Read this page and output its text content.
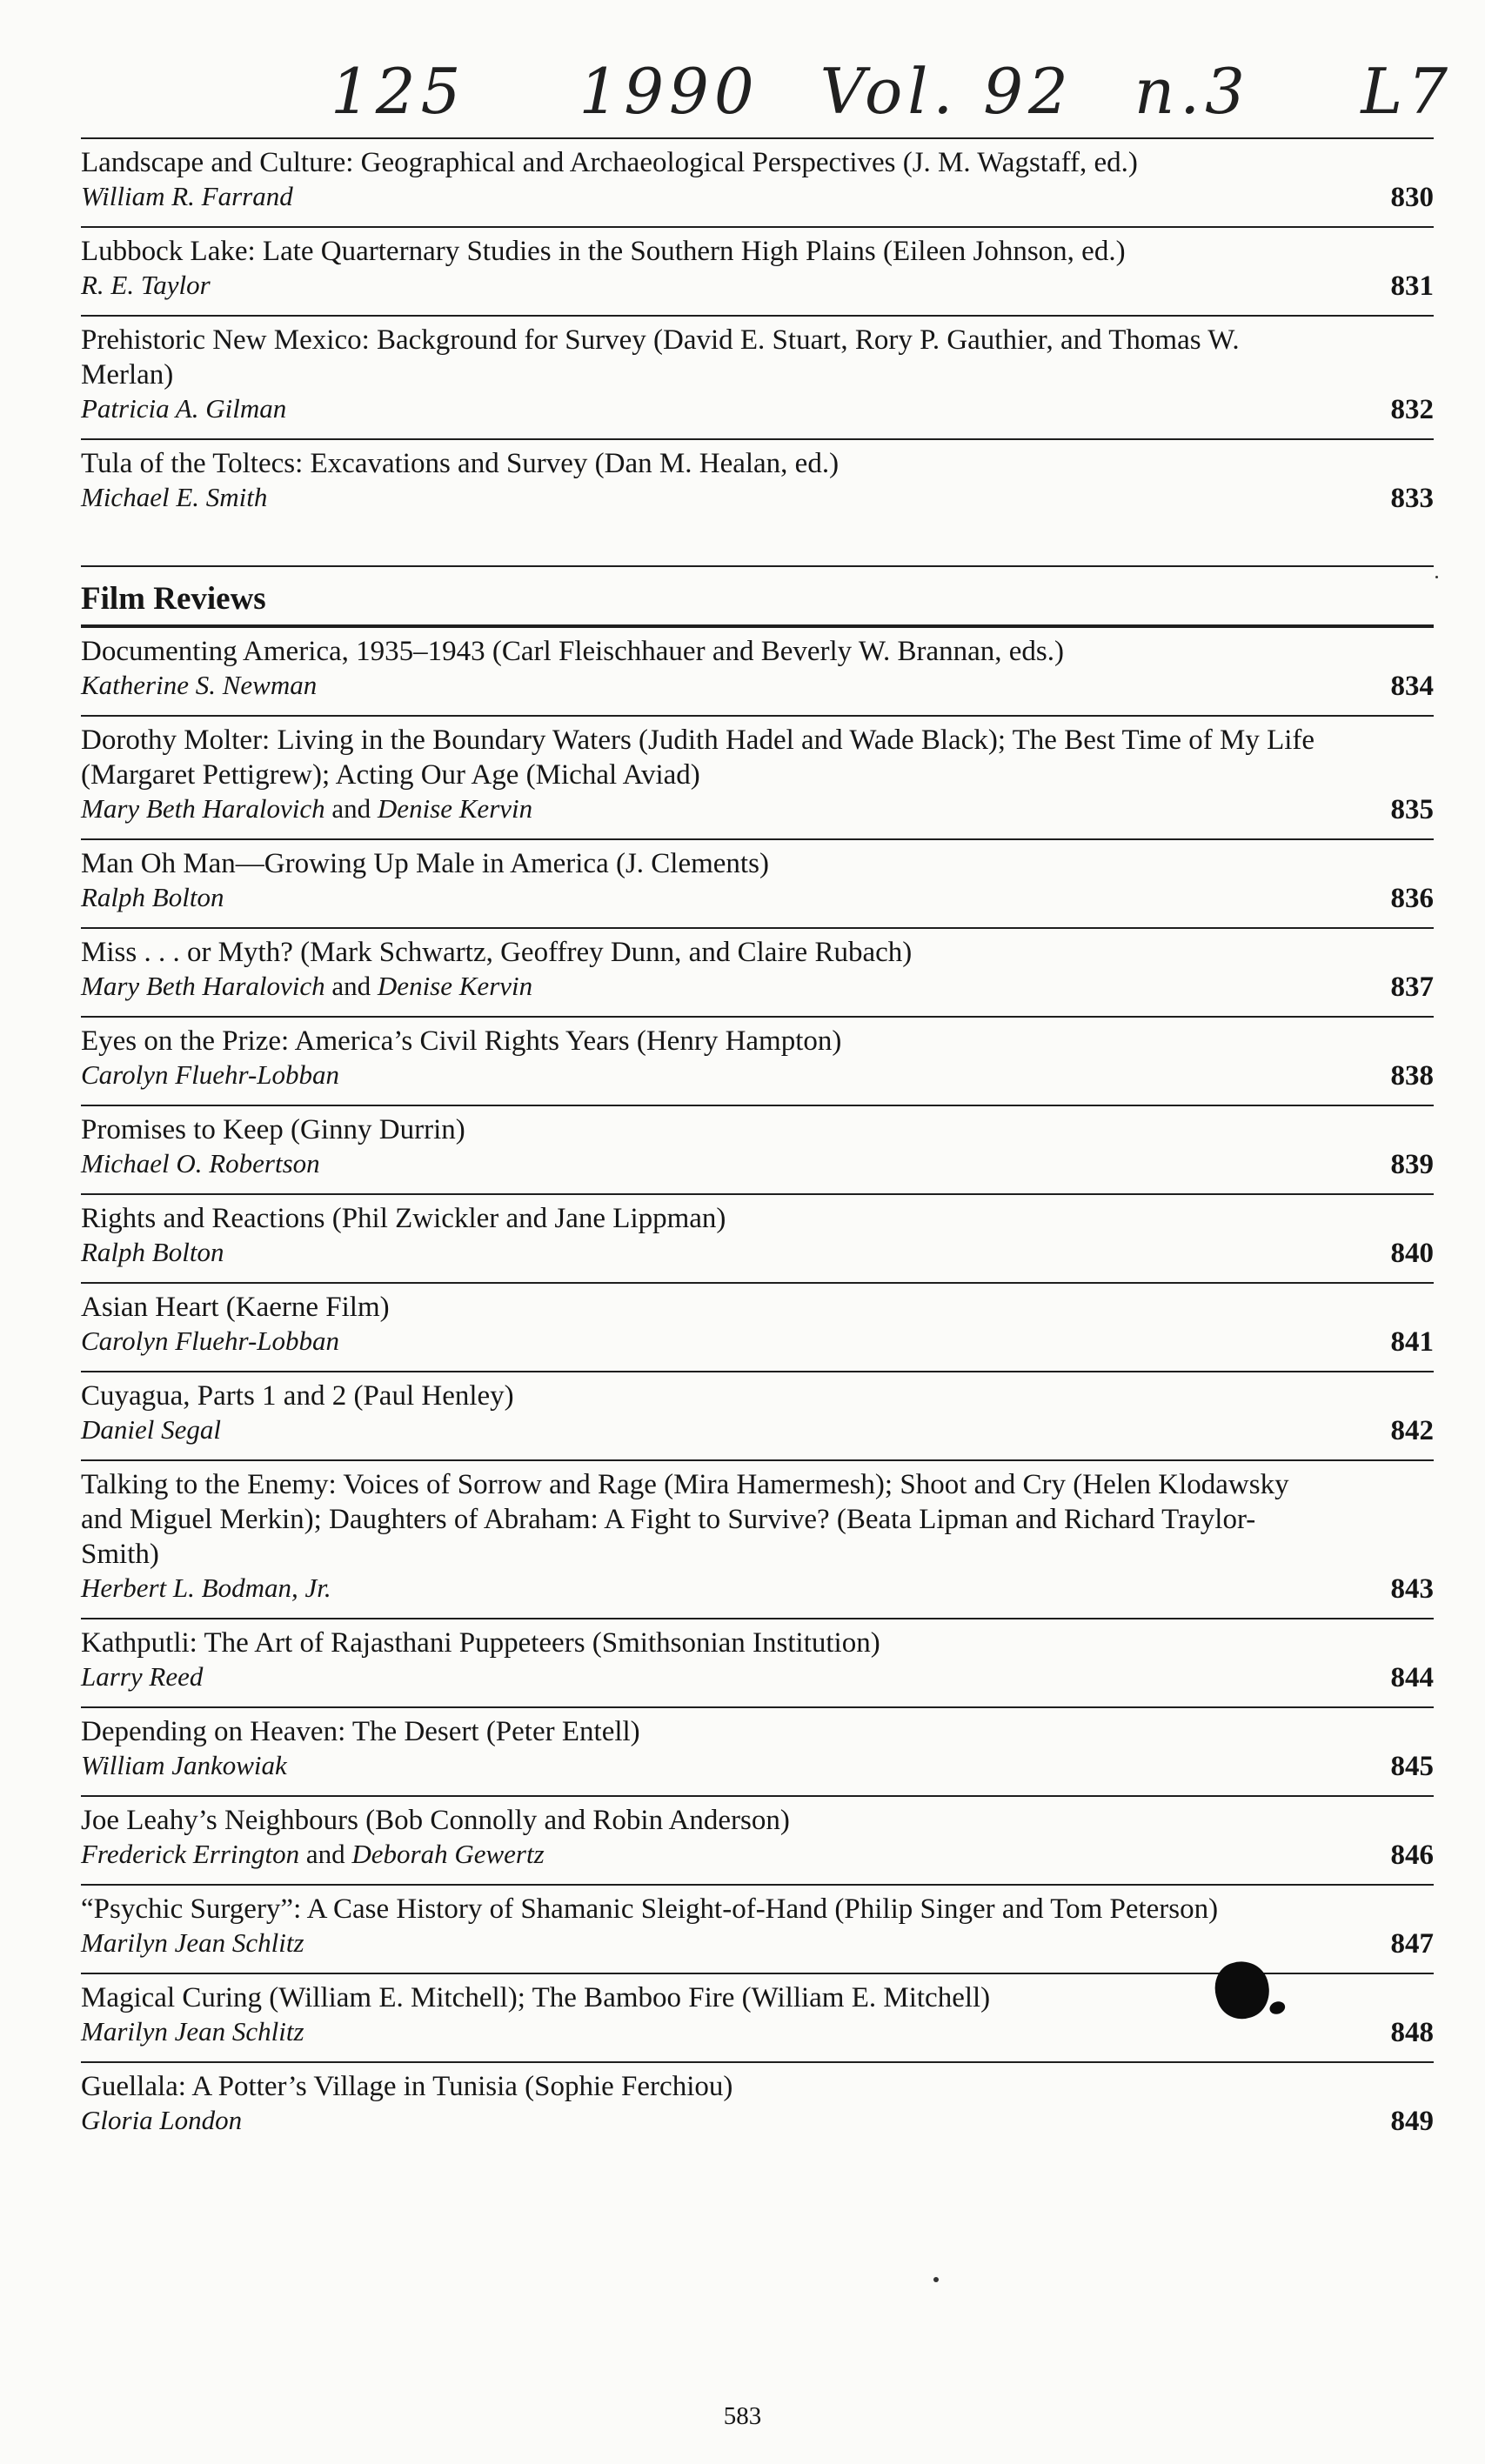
125 1990 Vol. 92 n.3 L7
Landscape and Culture: Geographical and Archaeological Perspectives (J. M. Wagstaff, ed.)
William R. Farrand	830
Lubbock Lake: Late Quarternary Studies in the Southern High Plains (Eileen Johnson, ed.)
R. E. Taylor	831
Prehistoric New Mexico: Background for Survey (David E. Stuart, Rory P. Gauthier, and Thomas W. Merlan)
Patricia A. Gilman	832
Tula of the Toltecs: Excavations and Survey (Dan M. Healan, ed.)
Michael E. Smith	833
Film Reviews
Documenting America, 1935–1943 (Carl Fleischhauer and Beverly W. Brannan, eds.)
Katherine S. Newman	834
Dorothy Molter: Living in the Boundary Waters (Judith Hadel and Wade Black); The Best Time of My Life (Margaret Pettigrew); Acting Our Age (Michal Aviad)
Mary Beth Haralovich and Denise Kervin	835
Man Oh Man—Growing Up Male in America (J. Clements)
Ralph Bolton	836
Miss . . . or Myth? (Mark Schwartz, Geoffrey Dunn, and Claire Rubach)
Mary Beth Haralovich and Denise Kervin	837
Eyes on the Prize: America’s Civil Rights Years (Henry Hampton)
Carolyn Fluehr-Lobban	838
Promises to Keep (Ginny Durrin)
Michael O. Robertson	839
Rights and Reactions (Phil Zwickler and Jane Lippman)
Ralph Bolton	840
Asian Heart (Kaerne Film)
Carolyn Fluehr-Lobban	841
Cuyagua, Parts 1 and 2 (Paul Henley)
Daniel Segal	842
Talking to the Enemy: Voices of Sorrow and Rage (Mira Hamermesh); Shoot and Cry (Helen Klodawsky and Miguel Merkin); Daughters of Abraham: A Fight to Survive? (Beata Lipman and Richard Traylor-Smith)
Herbert L. Bodman, Jr.	843
Kathputli: The Art of Rajasthani Puppeteers (Smithsonian Institution)
Larry Reed	844
Depending on Heaven: The Desert (Peter Entell)
William Jankowiak	845
Joe Leahy’s Neighbours (Bob Connolly and Robin Anderson)
Frederick Errington and Deborah Gewertz	846
“Psychic Surgery”: A Case History of Shamanic Sleight-of-Hand (Philip Singer and Tom Peterson)
Marilyn Jean Schlitz	847
Magical Curing (William E. Mitchell); The Bamboo Fire (William E. Mitchell)
Marilyn Jean Schlitz	848
Guellala: A Potter’s Village in Tunisia (Sophie Ferchiou)
Gloria London	849
583
